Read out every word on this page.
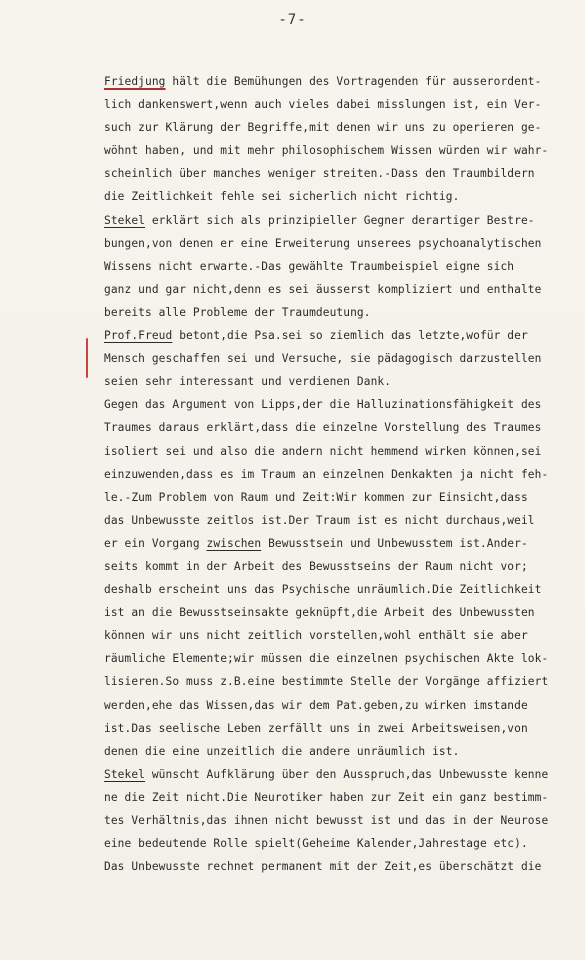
-7-
Friedjung hält die Bemühungen des Vortragenden für ausserordent-
lich dankenswert,wenn auch vieles dabei misslungen ist, ein Ver-
such zur Klärung der Begriffe,mit denen wir uns zu operieren ge-
wöhnt haben, und mit mehr philosophischem Wissen würden wir wahr-
scheinlich über manches weniger streiten.-Dass den Traumbildern
die Zeitlichkeit fehle sei sicherlich nicht richtig.
Stekel erklärt sich als prinzipieller Gegner derartiger Bestre-
bungen,von denen er eine Erweiterung unserees psychoanalytischen
Wissens nicht erwarte.-Das gewählte Traumbeispiel eigne sich
ganz und gar nicht,denn es sei äusserst kompliziert und enthalte
bereits alle Probleme der Traumdeutung.
Prof.Freud betont,die Psa.sei so ziemlich das letzte,wofür der
Mensch geschaffen sei und Versuche, sie pädagogisch darzustellen
seien sehr interessant und verdienen Dank.
Gegen das Argument von Lipps,der die Halluzinationsfähigkeit des
Traumes daraus erklärt,dass die einzelne Vorstellung des Traumes
isoliert sei und also die andern nicht hemmend wirken können,sei
einzuwenden,dass es im Traum an einzelnen Denkakten ja nicht feh-
le.-Zum Problem von Raum und Zeit:Wir kommen zur Einsicht,dass
das Unbewusste zeitlos ist.Der Traum ist es nicht durchaus,weil
er ein Vorgang zwischen Bewusstsein und Unbewusstem ist.Ander-
seits kommt in der Arbeit des Bewusstseins der Raum nicht vor;
deshalb erscheint uns das Psychische unräumlich.Die Zeitlichkeit
ist an die Bewusstseinsakte geknüpft,die Arbeit des Unbewussten
können wir uns nicht zeitlich vorstellen,wohl enthält sie aber
räumliche Elemente;wir müssen die einzelnen psychischen Akte lok-
lisieren.So muss z.B.eine bestimmte Stelle der Vorgänge affiziert
werden,ehe das Wissen,das wir dem Pat.geben,zu wirken imstande
ist.Das seelische Leben zerfällt uns in zwei Arbeitsweisen,von
denen die eine unzeitlich die andere unräumlich ist.
Stekel wünscht Aufklärung über den Ausspruch,das Unbewusste kenne
ne die Zeit nicht.Die Neurotiker haben zur Zeit ein ganz bestimm-
tes Verhältnis,das ihnen nicht bewusst ist und das in der Neurose
eine bedeutende Rolle spielt(Geheime Kalender,Jahrestage etc).
Das Unbewusste rechnet permanent mit der Zeit,es überschätzt die
